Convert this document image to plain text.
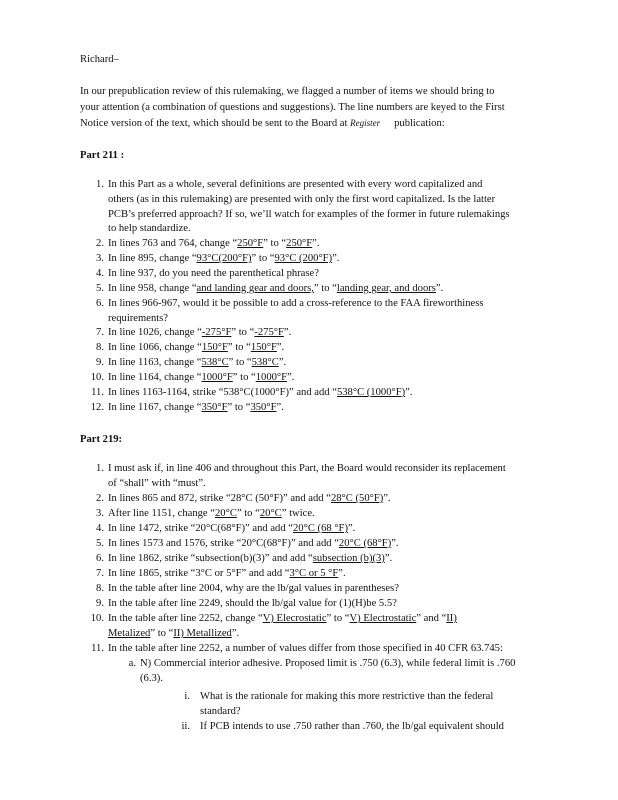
Richard–
In our prepublication review of this rulemaking, we flagged a number of items we should bring to
your attention (a combination of questions and suggestions). The line numbers are keyed to the First
Notice version of the text, which should be sent to the Board at Register publication:
Part 211 :
1. In this Part as a whole, several definitions are presented with every word capitalized and
others (as in this rulemaking) are presented with only the first word capitalized. Is the latter
PCB’s preferred approach? If so, we’ll watch for examples of the former in future rulemakings
to help standardize.
2. In lines 763 and 764, change “250°F” to “250°F”.
3. In line 895, change “93°C(200°F)” to “93°C (200°F)”.
4. In line 937, do you need the parenthetical phrase?
5. In line 958, change “and landing gear and doors,” to “landing gear, and doors”.
6. In lines 966-967, would it be possible to add a cross-reference to the FAA fireworthiness
requirements?
7. In line 1026, change “-275°F” to “-275°F”.
8. In line 1066, change “150°F” to “150°F”.
9. In line 1163, change “538°C” to “538°C”.
10. In line 1164, change “1000°F” to “1000°F”.
11. In lines 1163-1164, strike “538°C(1000°F)” and add “538°C (1000°F)”.
12. In line 1167, change “350°F” to “350°F”.
Part 219:
1. I must ask if, in line 406 and throughout this Part, the Board would reconsider its replacement
of “shall” with “must”.
2. In lines 865 and 872, strike “28°C (50°F)” and add “28°C (50°F)”.
3. After line 1151, change “20°C” to “20°C” twice.
4. In line 1472, strike “20°C(68°F)” and add “20°C (68 °F)”.
5. In lines 1573 and 1576, strike “20°C(68°F)” and add “20°C (68°F)”.
6. In line 1862, strike “subsection(b)(3)” and add “subsection (b)(3)”.
7. In line 1865, strike “3°C or 5°F” and add “3°C or 5 °F”.
8. In the table after line 2004, why are the lb/gal values in parentheses?
9. In the table after line 2249, should the lb/gal value for (1)(H)be 5.5?
10. In the table after line 2252, change “V) Elecrostatic” to “V) Electrostatic” and “II)
Metalized” to “II) Metallized”.
11. In the table after line 2252, a number of values differ from those specified in 40 CFR 63.745:
a. N) Commercial interior adhesive. Proposed limit is .750 (6.3), while federal limit is .760
(6.3).
i. What is the rationale for making this more restrictive than the federal
standard?
ii. If PCB intends to use .750 rather than .760, the lb/gal equivalent should
